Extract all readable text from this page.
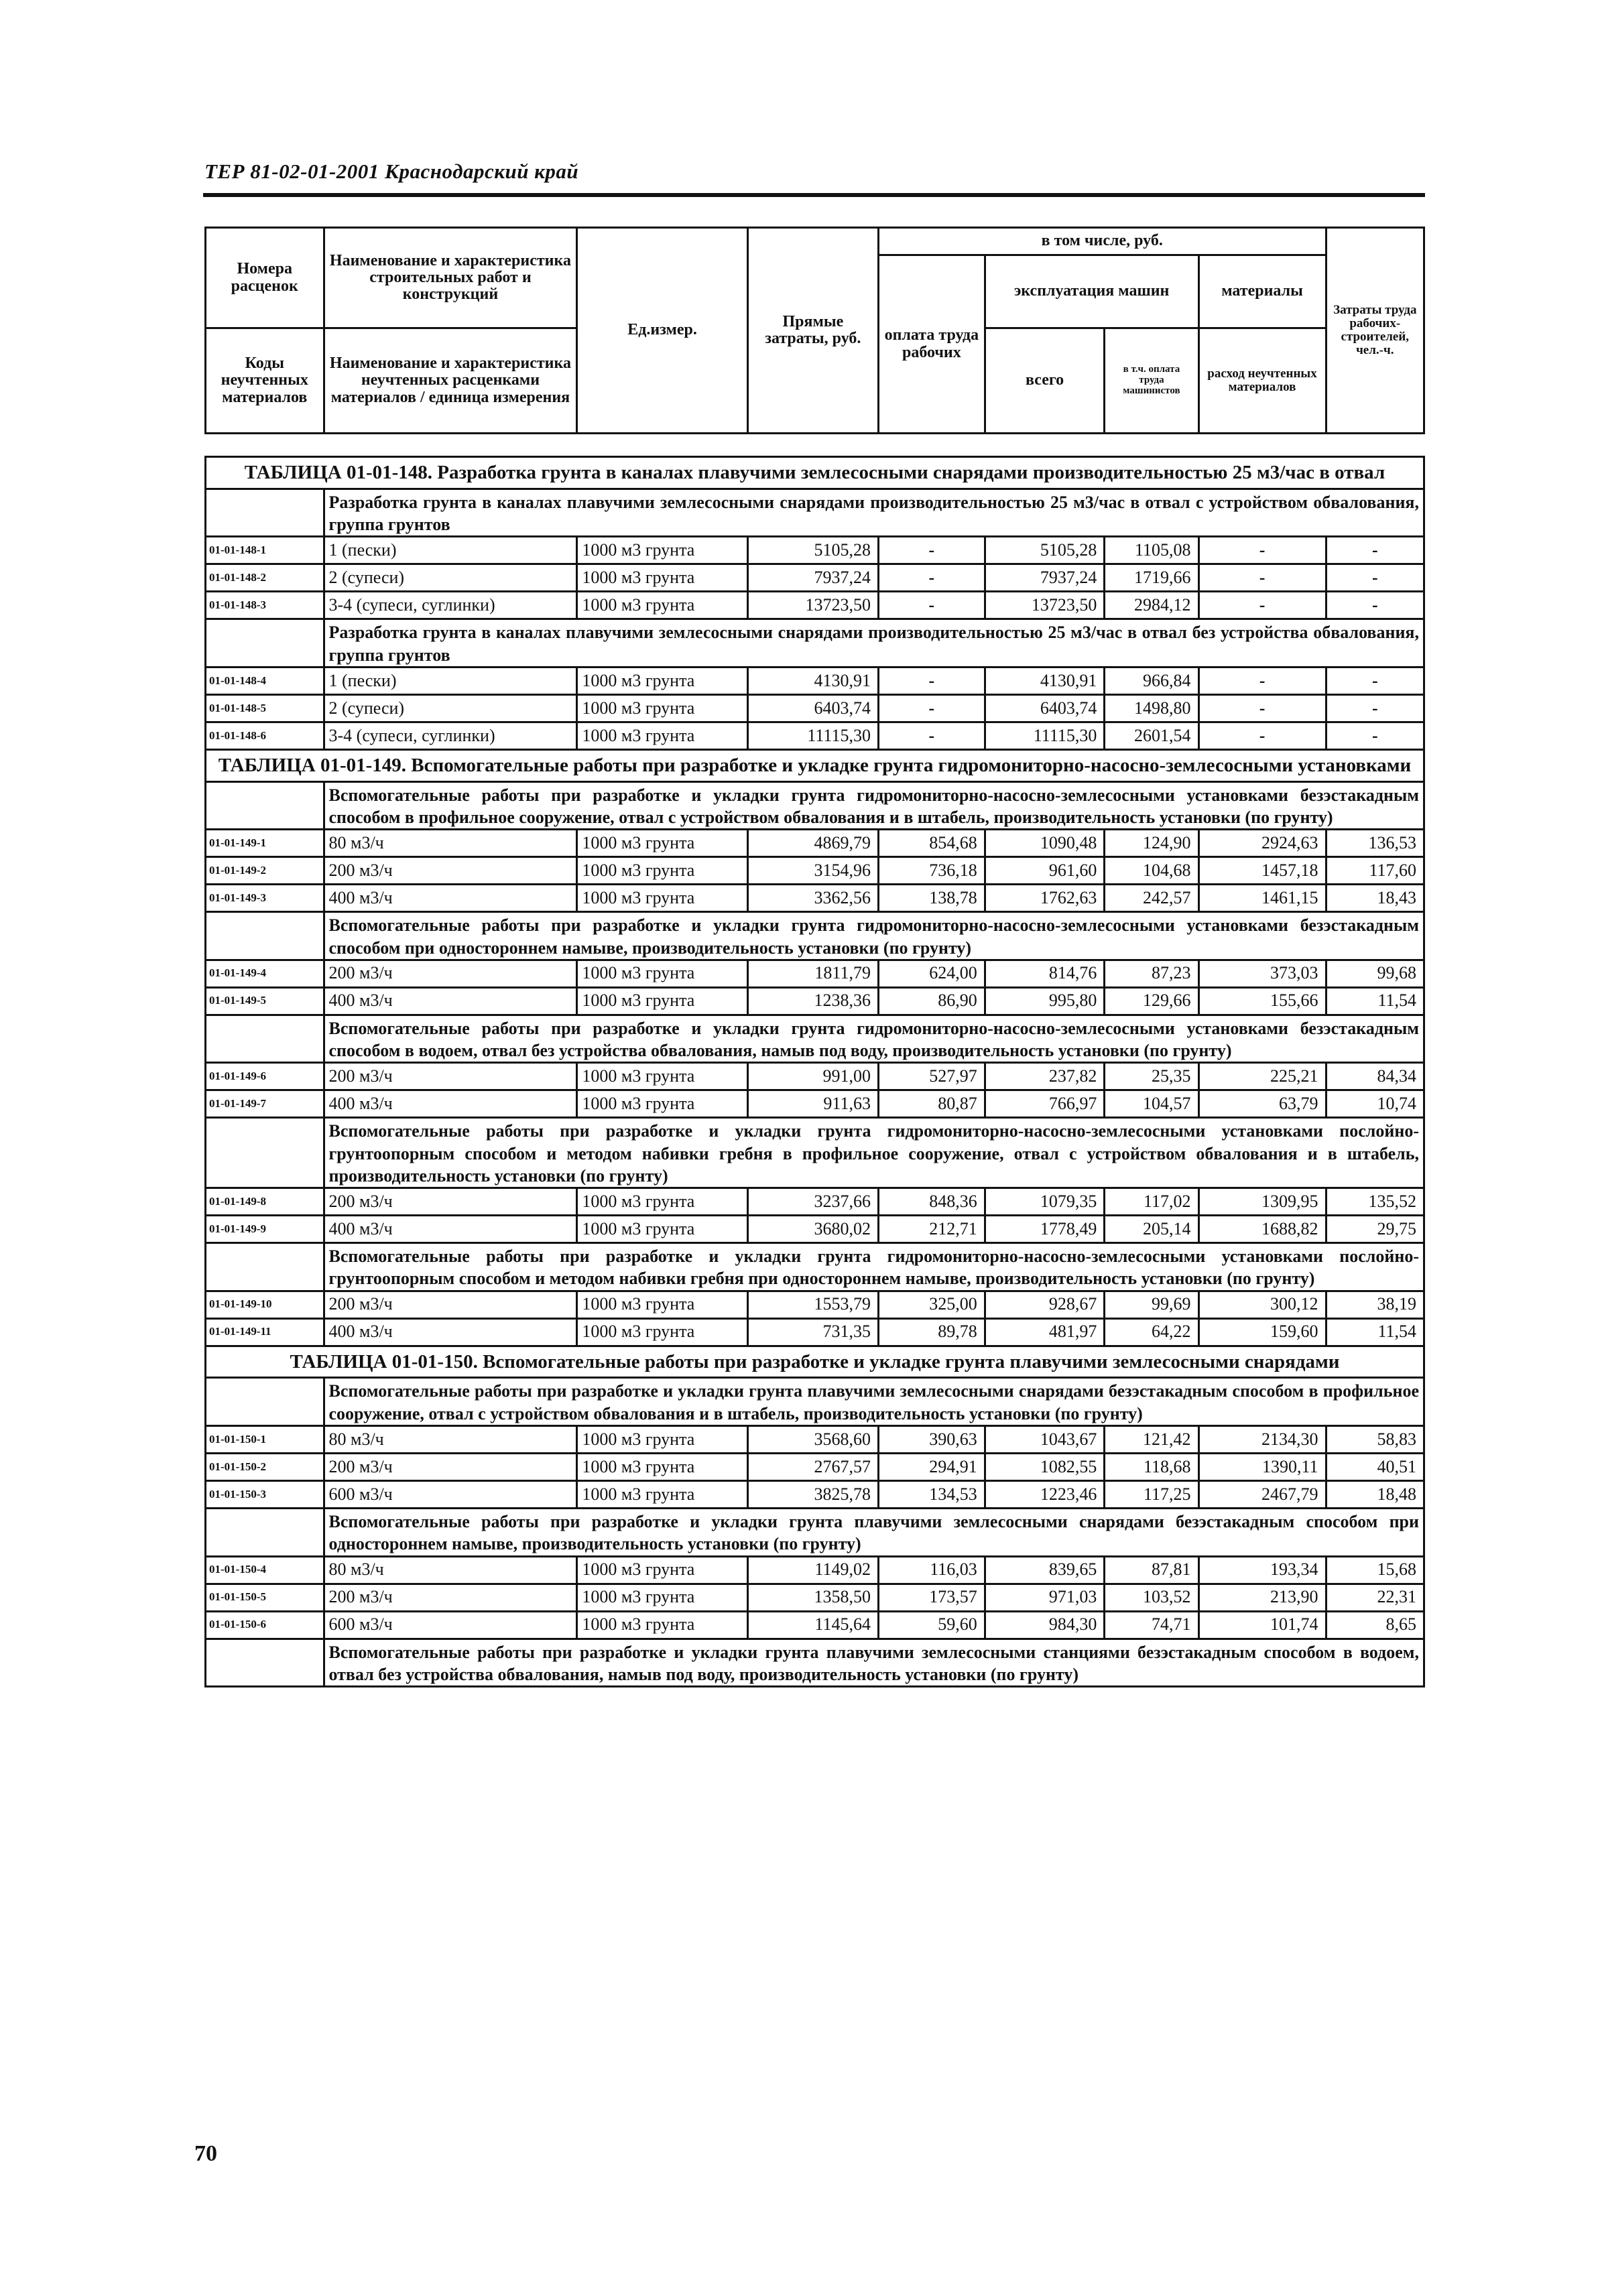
ТЕР 81-02-01-2001 Краснодарский край
Номера расценок	Наименование и характеристика строительных работ и конструкций	Ед.измер.	Прямые затраты, руб.	в том числе, руб.				Затраты труда рабочих-строителей, чел.-ч.
				оплата труда рабочих	эксплуатация машин		материалы	
Коды неучтенных материалов	Наименование и характеристика неучтенных расценками материалов / единица измерения				всего	в т.ч. оплата труда машинистов	расход неучтенных материалов	

ТАБЛИЦА 01-01-148. Разработка грунта в каналах плавучими землесосными снарядами производительностью 25 м3/час в отвал								
	Разработка грунта в каналах плавучими землесосными снарядами производительностью 25 м3/час в отвал с устройством обвалования, группа грунтов							
01-01-148-1	1 (пески)	1000 м3 грунта	5105,28	-	5105,28	1105,08	-	-
01-01-148-2	2 (супеси)	1000 м3 грунта	7937,24	-	7937,24	1719,66	-	-
01-01-148-3	3-4 (супеси, суглинки)	1000 м3 грунта	13723,50	-	13723,50	2984,12	-	-
	Разработка грунта в каналах плавучими землесосными снарядами производительностью 25 м3/час в отвал без устройства обвалования, группа грунтов							
01-01-148-4	1 (пески)	1000 м3 грунта	4130,91	-	4130,91	966,84	-	-
01-01-148-5	2 (супеси)	1000 м3 грунта	6403,74	-	6403,74	1498,80	-	-
01-01-148-6	3-4 (супеси, суглинки)	1000 м3 грунта	11115,30	-	11115,30	2601,54	-	-
ТАБЛИЦА 01-01-149. Вспомогательные работы при разработке и укладке грунта гидромониторно-насосно-землесосными установками								
	Вспомогательные работы при разработке и укладки грунта гидромониторно-насосно-землесосными установками безэстакадным способом в профильное сооружение, отвал с устройством обвалования и в штабель, производительность установки (по грунту)							
01-01-149-1	80 м3/ч	1000 м3 грунта	4869,79	854,68	1090,48	124,90	2924,63	136,53
01-01-149-2	200 м3/ч	1000 м3 грунта	3154,96	736,18	961,60	104,68	1457,18	117,60
01-01-149-3	400 м3/ч	1000 м3 грунта	3362,56	138,78	1762,63	242,57	1461,15	18,43
	Вспомогательные работы при разработке и укладки грунта гидромониторно-насосно-землесосными установками безэстакадным способом при одностороннем намыве, производительность установки (по грунту)							
01-01-149-4	200 м3/ч	1000 м3 грунта	1811,79	624,00	814,76	87,23	373,03	99,68
01-01-149-5	400 м3/ч	1000 м3 грунта	1238,36	86,90	995,80	129,66	155,66	11,54
	Вспомогательные работы при разработке и укладки грунта гидромониторно-насосно-землесосными установками безэстакадным способом в водоем, отвал без устройства обвалования, намыв под воду, производительность установки (по грунту)							
01-01-149-6	200 м3/ч	1000 м3 грунта	991,00	527,97	237,82	25,35	225,21	84,34
01-01-149-7	400 м3/ч	1000 м3 грунта	911,63	80,87	766,97	104,57	63,79	10,74
	Вспомогательные работы при разработке и укладки грунта гидромониторно-насосно-землесосными установками послойно-грунтоопорным способом и методом набивки гребня в профильное сооружение, отвал с устройством обвалования и в штабель, производительность установки (по грунту)							
01-01-149-8	200 м3/ч	1000 м3 грунта	3237,66	848,36	1079,35	117,02	1309,95	135,52
01-01-149-9	400 м3/ч	1000 м3 грунта	3680,02	212,71	1778,49	205,14	1688,82	29,75
	Вспомогательные работы при разработке и укладки грунта гидромониторно-насосно-землесосными установками послойно-грунтоопорным способом и методом набивки гребня при одностороннем намыве, производительность установки (по грунту)							
01-01-149-10	200 м3/ч	1000 м3 грунта	1553,79	325,00	928,67	99,69	300,12	38,19
01-01-149-11	400 м3/ч	1000 м3 грунта	731,35	89,78	481,97	64,22	159,60	11,54
ТАБЛИЦА 01-01-150. Вспомогательные работы при разработке и укладке грунта плавучими землесосными снарядами								
	Вспомогательные работы при разработке и укладки грунта плавучими землесосными снарядами безэстакадным способом в профильное сооружение, отвал с устройством обвалования и в штабель, производительность установки (по грунту)							
01-01-150-1	80 м3/ч	1000 м3 грунта	3568,60	390,63	1043,67	121,42	2134,30	58,83
01-01-150-2	200 м3/ч	1000 м3 грунта	2767,57	294,91	1082,55	118,68	1390,11	40,51
01-01-150-3	600 м3/ч	1000 м3 грунта	3825,78	134,53	1223,46	117,25	2467,79	18,48
	Вспомогательные работы при разработке и укладки грунта плавучими землесосными снарядами безэстакадным способом при одностороннем намыве, производительность установки (по грунту)							
01-01-150-4	80 м3/ч	1000 м3 грунта	1149,02	116,03	839,65	87,81	193,34	15,68
01-01-150-5	200 м3/ч	1000 м3 грунта	1358,50	173,57	971,03	103,52	213,90	22,31
01-01-150-6	600 м3/ч	1000 м3 грунта	1145,64	59,60	984,30	74,71	101,74	8,65
	Вспомогательные работы при разработке и укладки грунта плавучими землесосными станциями безэстакадным способом в водоем, отвал без устройства обвалования, намыв под воду, производительность установки (по грунту)							
70
